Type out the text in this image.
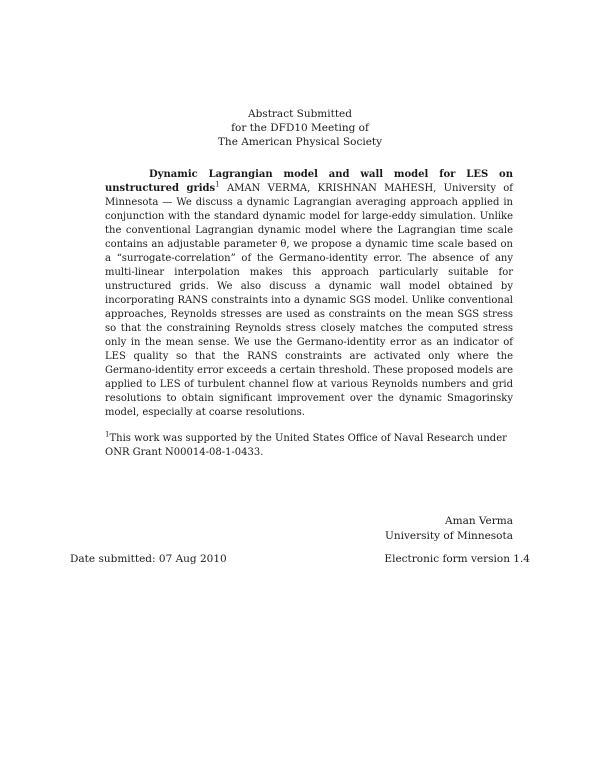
Abstract Submitted
for the DFD10 Meeting of
The American Physical Society

Dynamic Lagrangian model and wall model for LES on unstructured grids$^1$ AMAN VERMA, KRISHNAN MAHESH, University of Minnesota — We discuss a dynamic Lagrangian averaging approach applied in conjunction with the standard dynamic model for large-eddy simulation. Unlike the conventional Lagrangian dynamic model where the Lagrangian time scale contains an adjustable parameter θ, we propose a dynamic time scale based on a “surrogate-correlation” of the Germano-identity error. The absence of any multi-linear interpolation makes this approach particularly suitable for unstructured grids. We also discuss a dynamic wall model obtained by incorporating RANS constraints into a dynamic SGS model. Unlike conventional approaches, Reynolds stresses are used as constraints on the mean SGS stress so that the constraining Reynolds stress closely matches the computed stress only in the mean sense. We use the Germano-identity error as an indicator of LES quality so that the RANS constraints are activated only where the Germano-identity error exceeds a certain threshold. These proposed models are applied to LES of turbulent channel flow at various Reynolds numbers and grid resolutions to obtain significant improvement over the dynamic Smagorinsky model, especially at coarse resolutions.

$^1$This work was supported by the United States Office of Naval Research under ONR Grant N00014-08-1-0433.

Aman Verma
University of Minnesota
Date submitted: 07 Aug 2010	Electronic form version 1.4
